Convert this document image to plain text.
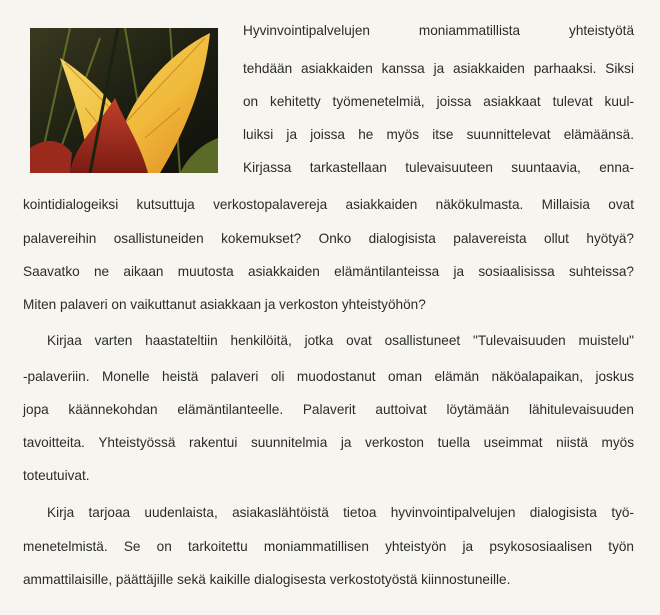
Hyvinvointipalvelujen moniammatillista yhteistyötä
tehdään asiakkaiden kanssa ja asiakkaiden parhaaksi. Siksi
on kehitetty työmenetelmiä, joissa asiakkaat tulevat kuul-
luiksi ja joissa he myös itse suunnittelevat elämäänsä.
Kirjassa tarkastellaan tulevaisuuteen suuntaavia, enna-
kointidialogeiksi kutsuttuja verkostopalavereja asiakkaiden näkökulmasta. Millaisia ovat
palavereihin osallistuneiden kokemukset? Onko dialogisista palavereista ollut hyötyä?
Saavatko ne aikaan muutosta asiakkaiden elämäntilanteissa ja sosiaalisissa suhteissa?
Miten palaveri on vaikuttanut asiakkaan ja verkoston yhteistyöhön?
Kirjaa varten haastateltiin henkilöitä, jotka ovat osallistuneet "Tulevaisuuden muistelu"
-palaveriin. Monelle heistä palaveri oli muodostanut oman elämän näköalapaikan, joskus
jopa käännekohdan elämäntilanteelle. Palaverit auttoivat löytämään lähitulevaisuuden
tavoitteita. Yhteistyössä rakentui suunnitelmia ja verkoston tuella useimmat niistä myös
toteutuivat.
Kirja tarjoaa uudenlaista, asiakaslähtöistä tietoa hyvinvointipalvelujen dialogisista työ-
menetelmistä. Se on tarkoitettu moniammatillisen yhteistyön ja psykososiaalisen työn
ammattilaisille, päättäjille sekä kaikille dialogisesta verkostotyöstä kiinnostuneille.
